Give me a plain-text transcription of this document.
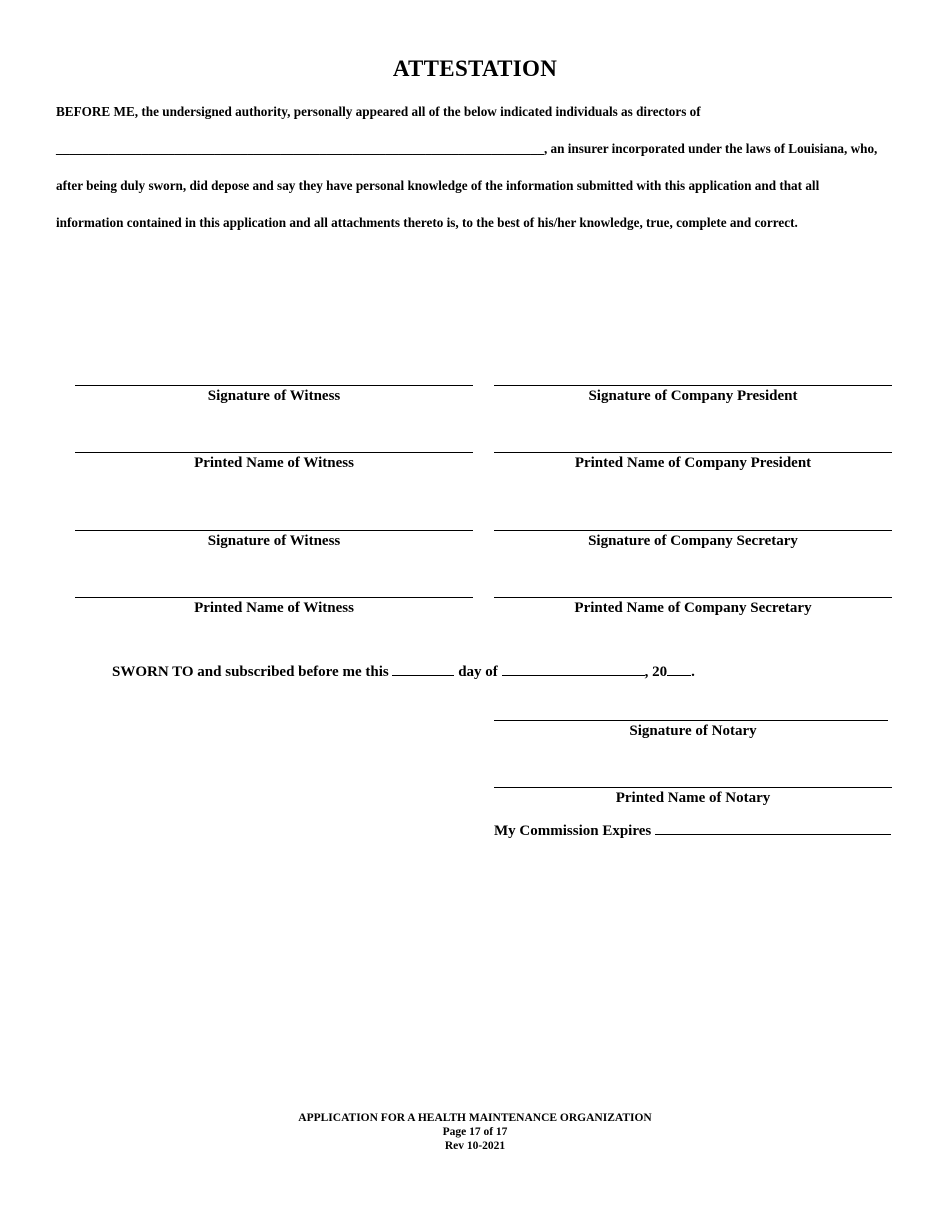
ATTESTATION
BEFORE ME, the undersigned authority, personally appeared all of the below indicated individuals as directors of
__________________________________________________________________________, an insurer incorporated under the laws of Louisiana, who,
after being duly sworn, did depose and say they have personal knowledge of the information submitted with this application and that all
information contained in this application and all attachments thereto is, to the best of his/her knowledge, true, complete and correct.
Signature of Witness	Signature of Company President
Printed Name of Witness	Printed Name of Company President
Signature of Witness	Signature of Company Secretary
Printed Name of Witness	Printed Name of Company Secretary
SWORN TO and subscribed before me this	day of	, 20 .
Signature of Notary
Printed Name of Notary
My Commission Expires
APPLICATION FOR A HEALTH MAINTENANCE ORGANIZATION
Page 17 of 17
Rev 10-2021
